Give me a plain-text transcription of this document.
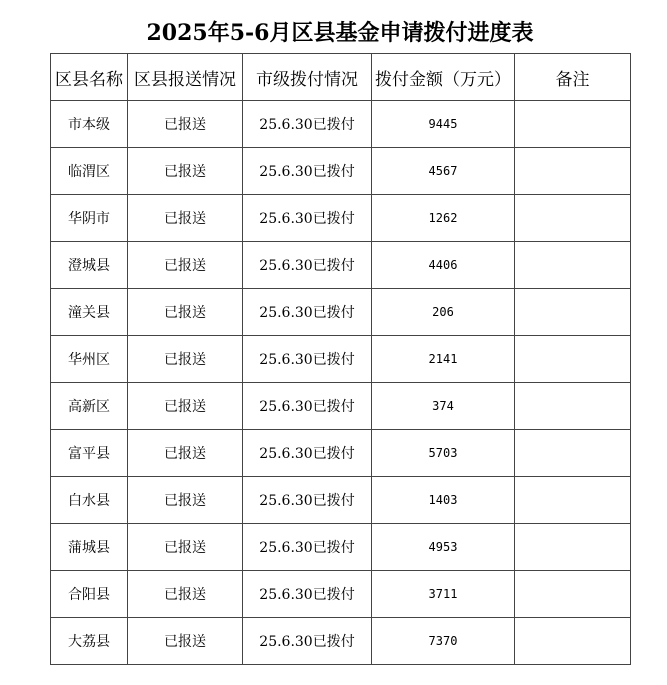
2025年5-6月区县基金申请拨付进度表
区县名称	区县报送情况	市级拨付情况	拨付金额（万元）	备注
市本级	已报送	25.6.30已拨付	9445	
临渭区	已报送	25.6.30已拨付	4567	
华阴市	已报送	25.6.30已拨付	1262	
澄城县	已报送	25.6.30已拨付	4406	
潼关县	已报送	25.6.30已拨付	206	
华州区	已报送	25.6.30已拨付	2141	
高新区	已报送	25.6.30已拨付	374	
富平县	已报送	25.6.30已拨付	5703	
白水县	已报送	25.6.30已拨付	1403	
蒲城县	已报送	25.6.30已拨付	4953	
合阳县	已报送	25.6.30已拨付	3711	
大荔县	已报送	25.6.30已拨付	7370	
